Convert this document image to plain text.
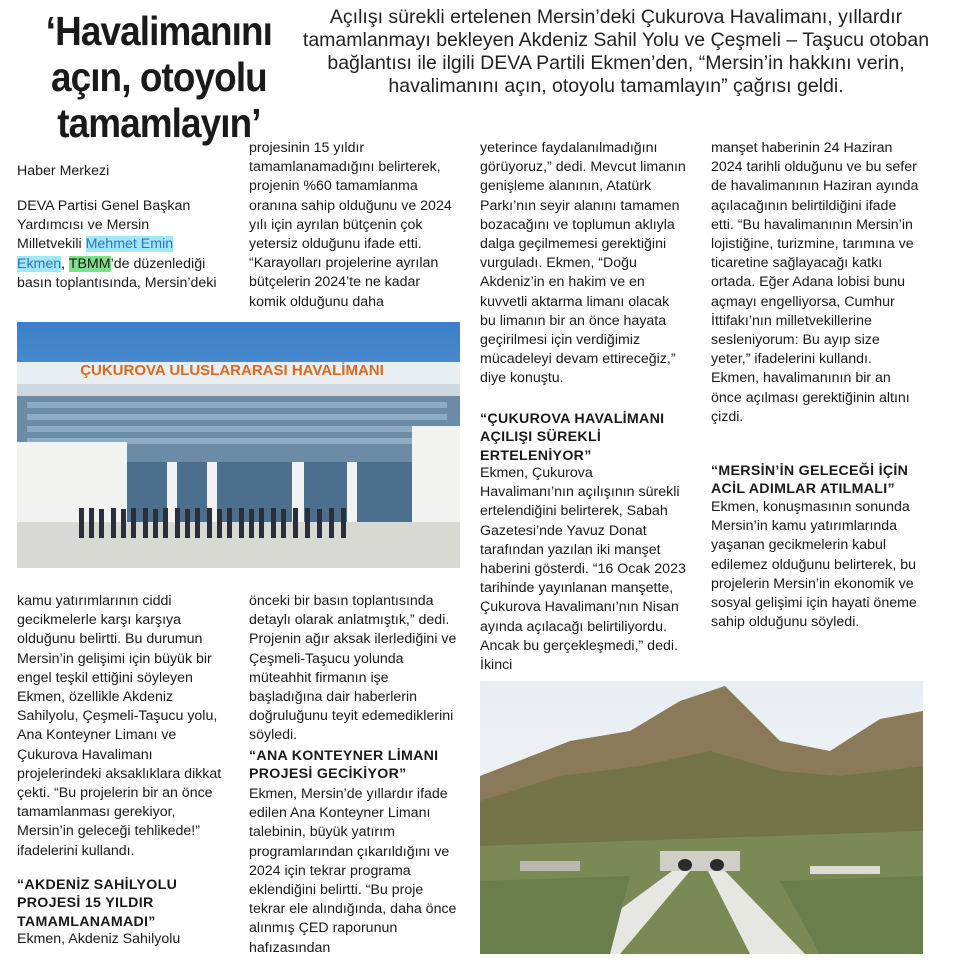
‘Havalimanını
açın, otoyolu
tamamlayın’
Açılışı sürekli ertelenen Mersin’deki Çukurova Havalimanı, yıllardır tamamlanmayı bekleyen Akdeniz Sahil Yolu ve Çeşmeli – Taşucu otoban bağlantısı ile ilgili DEVA Partili Ekmen’den, “Mersin’in hakkını verin, havalimanını açın, otoyolu tamamlayın” çağrısı geldi.
Haber Merkezi
DEVA Partisi Genel Başkan Yardımcısı ve Mersin Milletvekili Mehmet Emin Ekmen, TBMM’de düzenlediği basın toplantısında, Mersin’deki
ÇUKUROVA ULUSLARARASI HAVALİMANI
kamu yatırımlarının ciddi gecikmelerle karşı karşıya olduğunu belirtti. Bu durumun Mersin’in gelişimi için büyük bir engel teşkil ettiğini söyleyen Ekmen, özellikle Akdeniz Sahilyolu, Çeşmeli-Taşucu yolu, Ana Konteyner Limanı ve Çukurova Havalimanı projelerindeki aksaklıklara dikkat çekti. “Bu projelerin bir an önce tamamlanması gerekiyor, Mersin’in geleceği tehlikede!” ifadelerini kullandı.
“AKDENİZ SAHİLYOLU PROJESİ 15 YILDIR TAMAMLANAMADI”
Ekmen, Akdeniz Sahilyolu
projesinin 15 yıldır tamamlanamadığını belirterek, projenin %60 tamamlanma oranına sahip olduğunu ve 2024 yılı için ayrılan bütçenin çok yetersiz olduğunu ifade etti. “Karayolları projelerine ayrılan bütçelerin 2024’te ne kadar komik olduğunu daha
önceki bir basın toplantısında detaylı olarak anlatmıştık,” dedi. Projenin ağır aksak ilerlediğini ve Çeşmeli-Taşucu yolunda müteahhit firmanın işe başladığına dair haberlerin doğruluğunu teyit edemediklerini söyledi.
“ANA KONTEYNER LİMANI PROJESİ GECİKİYOR”
Ekmen, Mersin’de yıllardır ifade edilen Ana Konteyner Limanı talebinin, büyük yatırım programlarından çıkarıldığını ve 2024 için tekrar programa eklendiğini belirtti. “Bu proje tekrar ele alındığında, daha önce alınmış ÇED raporunun hafızasından
yeterince faydalanılmadığını görüyoruz,” dedi. Mevcut limanın genişleme alanının, Atatürk Parkı’nın seyir alanını tamamen bozacağını ve toplumun aklıyla dalga geçilmemesi gerektiğini vurguladı. Ekmen, “Doğu Akdeniz’in en hakim ve en kuvvetli aktarma limanı olacak bu limanın bir an önce hayata geçirilmesi için verdiğimiz mücadeleyi devam ettireceğiz,” diye konuştu.
“ÇUKUROVA HAVALİMANI AÇILIŞI SÜREKLİ ERTELENİYOR”
Ekmen, Çukurova Havalimanı’nın açılışının sürekli ertelendiğini belirterek, Sabah Gazetesi’nde Yavuz Donat tarafından yazılan iki manşet haberini gösterdi. “16 Ocak 2023 tarihinde yayınlanan manşette, Çukurova Havalimanı’nın Nisan ayında açılacağı belirtiliyordu. Ancak bu gerçekleşmedi,” dedi. İkinci
manşet haberinin 24 Haziran 2024 tarihli olduğunu ve bu sefer de havalimanının Haziran ayında açılacağının belirtildiğini ifade etti. “Bu havalimanının Mersin’in lojistiğine, turizmine, tarımına ve ticaretine sağlayacağı katkı ortada. Eğer Adana lobisi bunu açmayı engelliyorsa, Cumhur İttifakı’nın milletvekillerine sesleniyorum: Bu ayıp size yeter,” ifadelerini kullandı. Ekmen, havalimanının bir an önce açılması gerektiğinin altını çizdi.
“MERSİN’İN GELECEĞİ İÇİN ACİL ADIMLAR ATILMALI”
Ekmen, konuşmasının sonunda Mersin’in kamu yatırımlarında yaşanan gecikmelerin kabul edilemez olduğunu belirterek, bu projelerin Mersin’in ekonomik ve sosyal gelişimi için hayati öneme sahip olduğunu söyledi.
